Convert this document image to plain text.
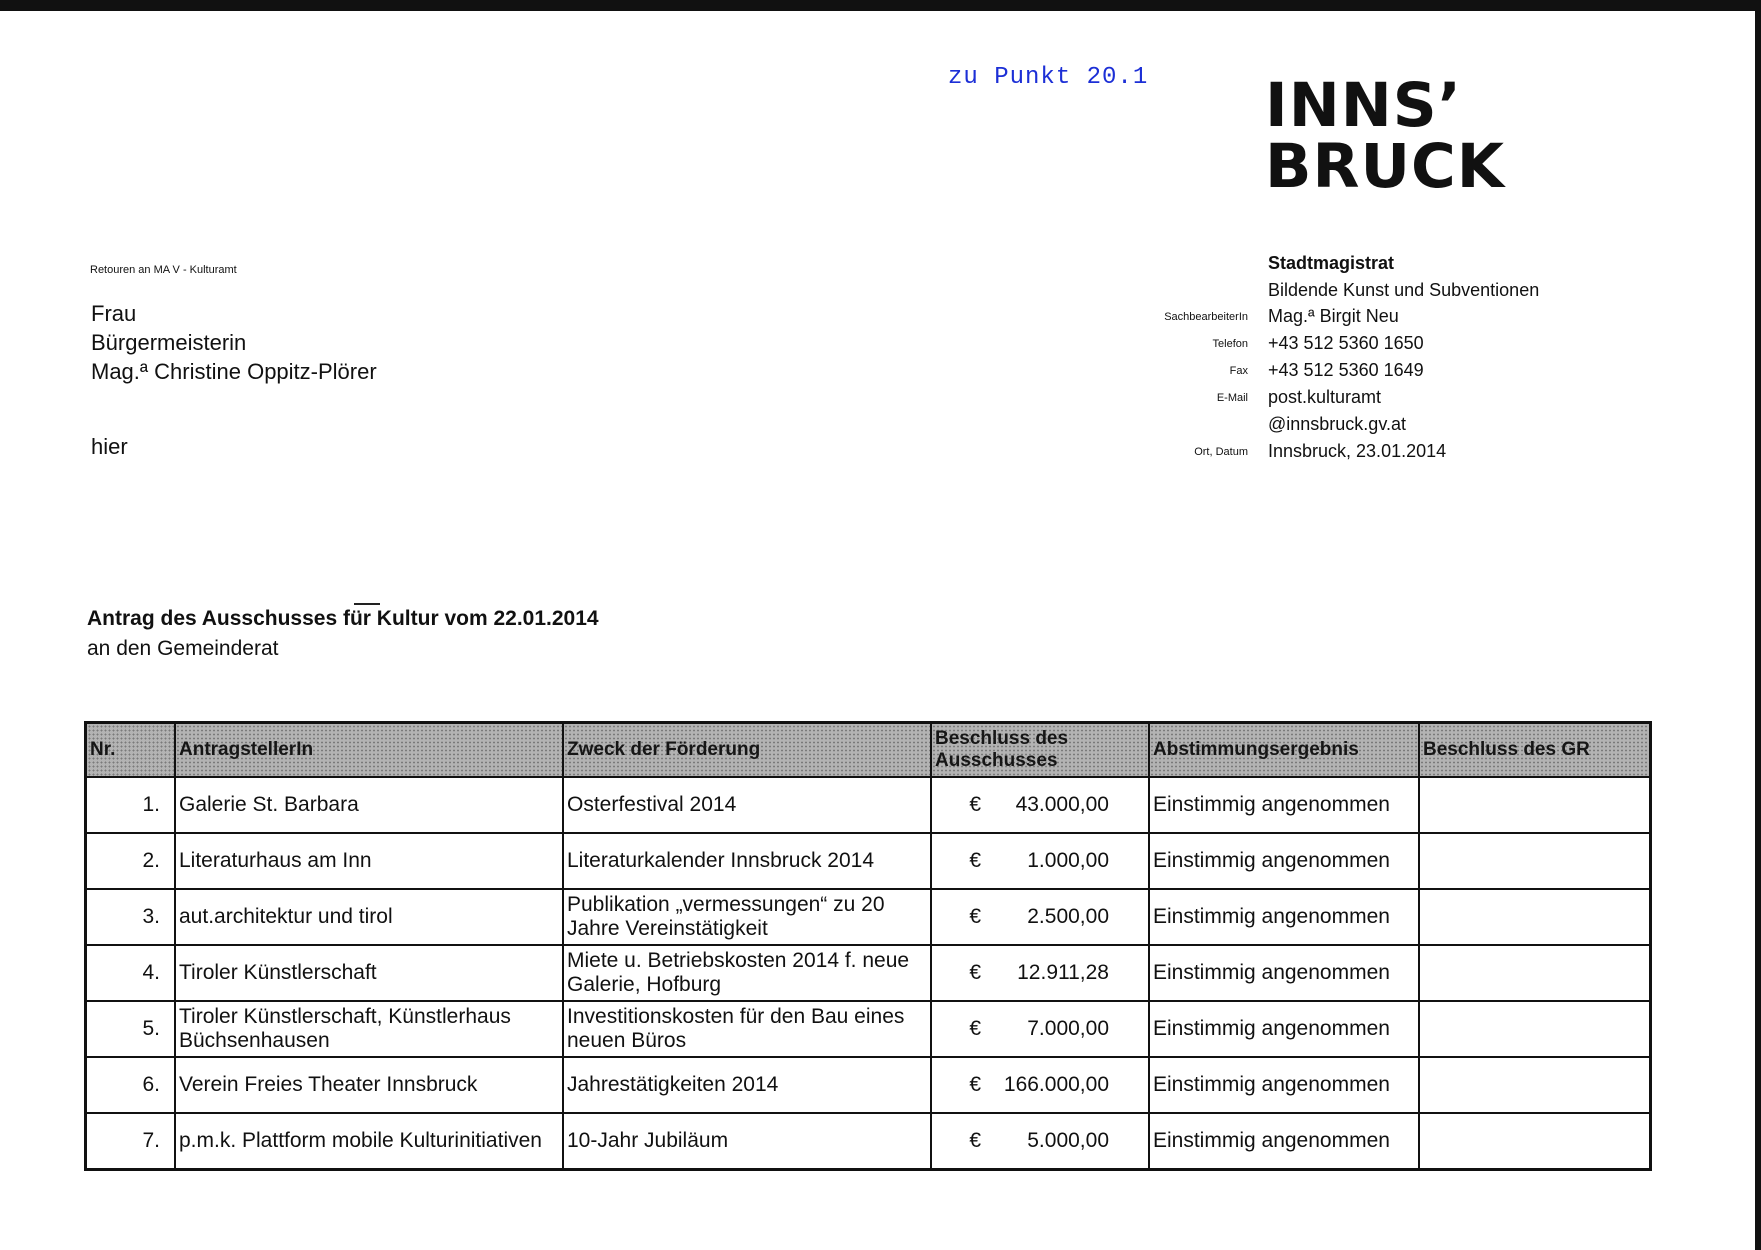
zu Punkt 20.1 INNS’
BRUCK
Retouren an MA V - Kulturamt
Frau
Bürgermeisterin
Mag.ª Christine Oppitz-Plörer
hier
Stadtmagistrat
Bildende Kunst und Subventionen
SachbearbeiterIn	Mag.ª Birgit Neu
Telefon	+43 512 5360 1650
Fax	+43 512 5360 1649
E-Mail	post.kulturamt
	@innsbruck.gv.at
Ort, Datum	Innsbruck, 23.01.2014
Antrag des Ausschusses für Kultur vom 22.01.2014
an den Gemeinderat
Nr.	AntragstellerIn	Zweck der Förderung	Beschluss des Ausschusses	Abstimmungsergebnis	Beschluss des GR
1.	Galerie St. Barbara	Osterfestival 2014	€ 43.000,00	Einstimmig angenommen	
2.	Literaturhaus am Inn	Literaturkalender Innsbruck 2014	€ 1.000,00	Einstimmig angenommen	
3.	aut.architektur und tirol	Publikation „vermessungen“ zu 20 Jahre Vereinstätigkeit	€ 2.500,00	Einstimmig angenommen	
4.	Tiroler Künstlerschaft	Miete u. Betriebskosten 2014 f. neue Galerie, Hofburg	€ 12.911,28	Einstimmig angenommen	
5.	Tiroler Künstlerschaft, Künstlerhaus Büchsenhausen	Investitionskosten für den Bau eines neuen Büros	€ 7.000,00	Einstimmig angenommen	
6.	Verein Freies Theater Innsbruck	Jahrestätigkeiten 2014	€ 166.000,00	Einstimmig angenommen	
7.	p.m.k. Plattform mobile Kulturinitiativen	10-Jahr Jubiläum	€ 5.000,00	Einstimmig angenommen	
